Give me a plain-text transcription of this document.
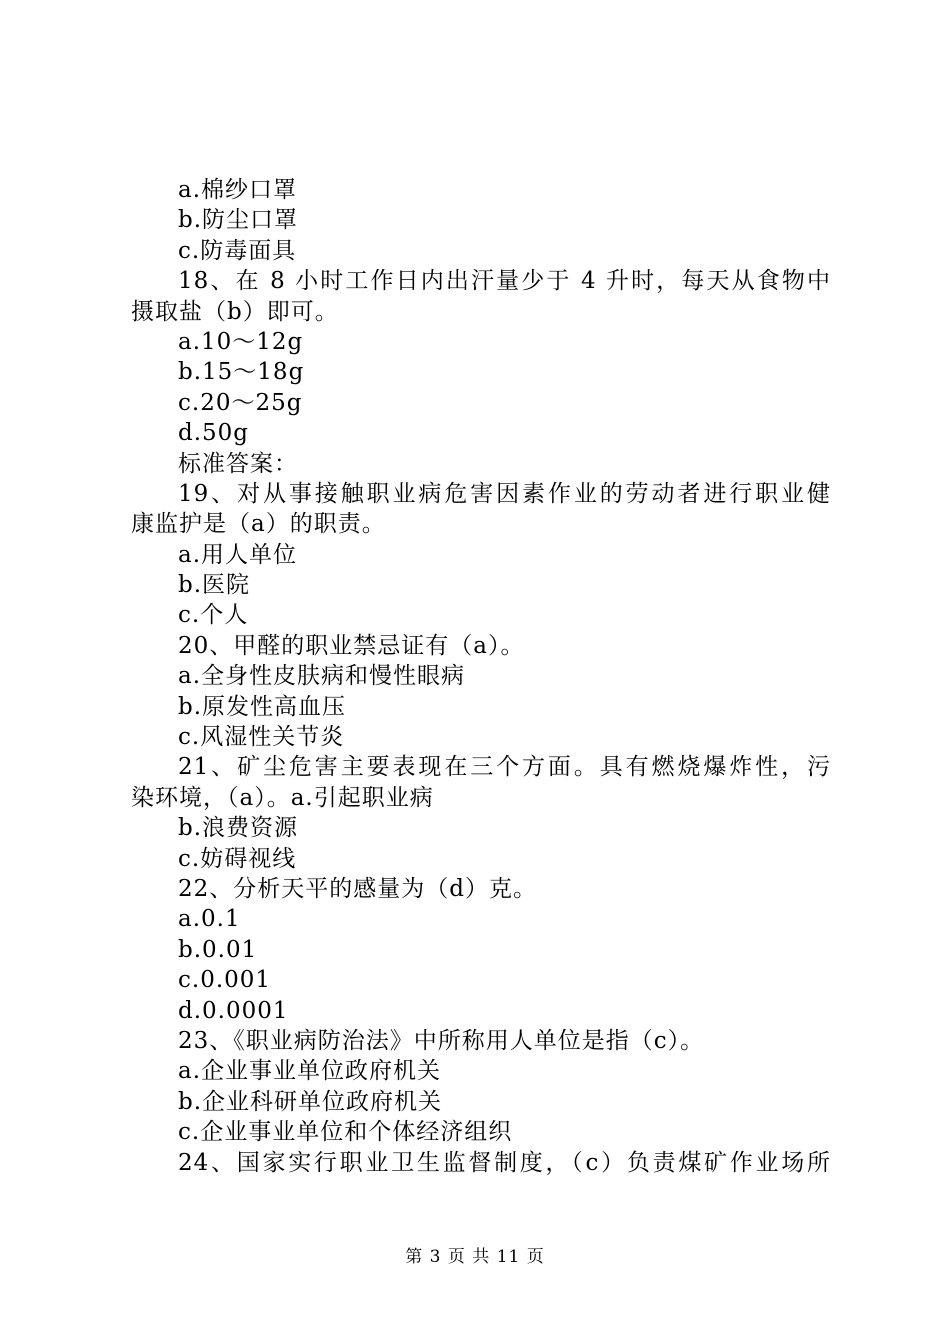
a.棉纱口罩
b.防尘口罩
c.防毒面具
18、在 8 小时工作日内出汗量少于 4 升时，每天从食物中
摄取盐（b）即可。
a.10～12g
b.15～18g
c.20～25g
d.50g
标准答案：
19、对从事接触职业病危害因素作业的劳动者进行职业健
康监护是（a）的职责。
a.用人单位
b.医院
c.个人
20、甲醛的职业禁忌证有（a）。
a.全身性皮肤病和慢性眼病
b.原发性高血压
c.风湿性关节炎
21、矿尘危害主要表现在三个方面。具有燃烧爆炸性，污
染环境，（a）。a.引起职业病
b.浪费资源
c.妨碍视线
22、分析天平的感量为（d）克。
a.0.1
b.0.01
c.0.001
d.0.0001
23、《职业病防治法》中所称用人单位是指（c）。
a.企业事业单位政府机关
b.企业科研单位政府机关
c.企业事业单位和个体经济组织
24、国家实行职业卫生监督制度，（c）负责煤矿作业场所
第 3 页 共 11 页
